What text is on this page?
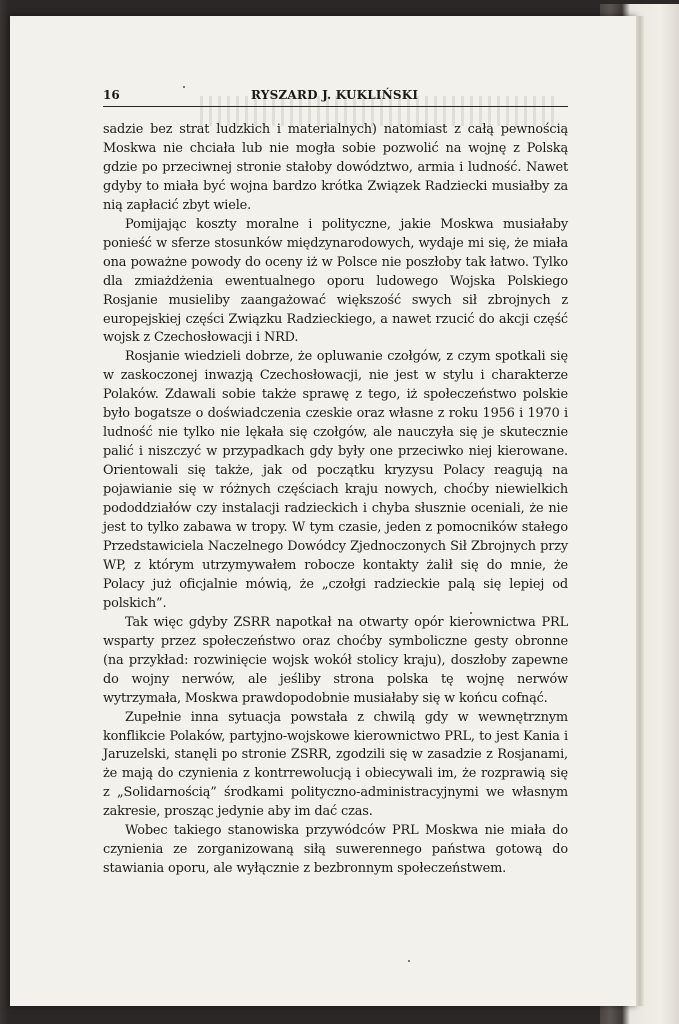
16	RYSZARD J. KUKLIŃSKI

sadzie bez strat ludzkich i materialnych) natomiast z całą pewnością Moskwa nie chciała lub nie mogła sobie pozwolić na wojnę z Polską gdzie po przeciwnej stronie stałoby dowództwo, armia i ludność. Nawet gdyby to miała być wojna bardzo krótka Związek Radziecki musiałby za nią zapłacić zbyt wiele.

Pomijając koszty moralne i polityczne, jakie Moskwa musiałaby ponieść w sferze stosunków międzynarodowych, wydaje mi się, że miała ona poważne powody do oceny iż w Polsce nie poszłoby tak łatwo. Tylko dla zmiażdżenia ewentualnego oporu ludowego Wojska Polskiego Rosjanie musieliby zaangażować większość swych sił zbrojnych z europejskiej części Związku Radzieckiego, a nawet rzucić do akcji część wojsk z Czechosłowacji i NRD.

Rosjanie wiedzieli dobrze, że opluwanie czołgów, z czym spotkali się w zaskoczonej inwazją Czechosłowacji, nie jest w stylu i charakterze Polaków. Zdawali sobie także sprawę z tego, iż społeczeństwo polskie było bogatsze o doświadczenia czeskie oraz własne z roku 1956 i 1970 i ludność nie tylko nie lękała się czołgów, ale nauczyła się je skutecznie palić i niszczyć w przypadkach gdy były one przeciwko niej kierowane. Orientowali się także, jak od początku kryzysu Polacy reagują na pojawianie się w różnych częściach kraju nowych, choćby niewielkich pododdziałów czy instalacji radzieckich i chyba słusznie oceniali, że nie jest to tylko zabawa w tropy. W tym czasie, jeden z pomocników stałego Przedstawiciela Naczelnego Dowódcy Zjednoczonych Sił Zbrojnych przy WP, z którym utrzymywałem robocze kontakty żalił się do mnie, że Polacy już oficjalnie mówią, że „czołgi radzieckie palą się lepiej od polskich”.

Tak więc gdyby ZSRR napotkał na otwarty opór kierownictwa PRL wsparty przez społeczeństwo oraz choćby symboliczne gesty obronne (na przykład: rozwinięcie wojsk wokół stolicy kraju), doszłoby zapewne do wojny nerwów, ale jeśliby strona polska tę wojnę nerwów wytrzymała, Moskwa prawdopodobnie musiałaby się w końcu cofnąć.

Zupełnie inna sytuacja powstała z chwilą gdy w wewnętrznym konflikcie Polaków, partyjno-wojskowe kierownictwo PRL, to jest Kania i Jaruzelski, stanęli po stronie ZSRR, zgodzili się w zasadzie z Rosjanami, że mają do czynienia z kontrrewolucją i obiecywali im, że rozprawią się z „Solidarnością” środkami polityczno-administracyjnymi we własnym zakresie, prosząc jedynie aby im dać czas.

Wobec takiego stanowiska przywódców PRL Moskwa nie miała do czynienia ze zorganizowaną siłą suwerennego państwa gotową do stawiania oporu, ale wyłącznie z bezbronnym społeczeństwem.
